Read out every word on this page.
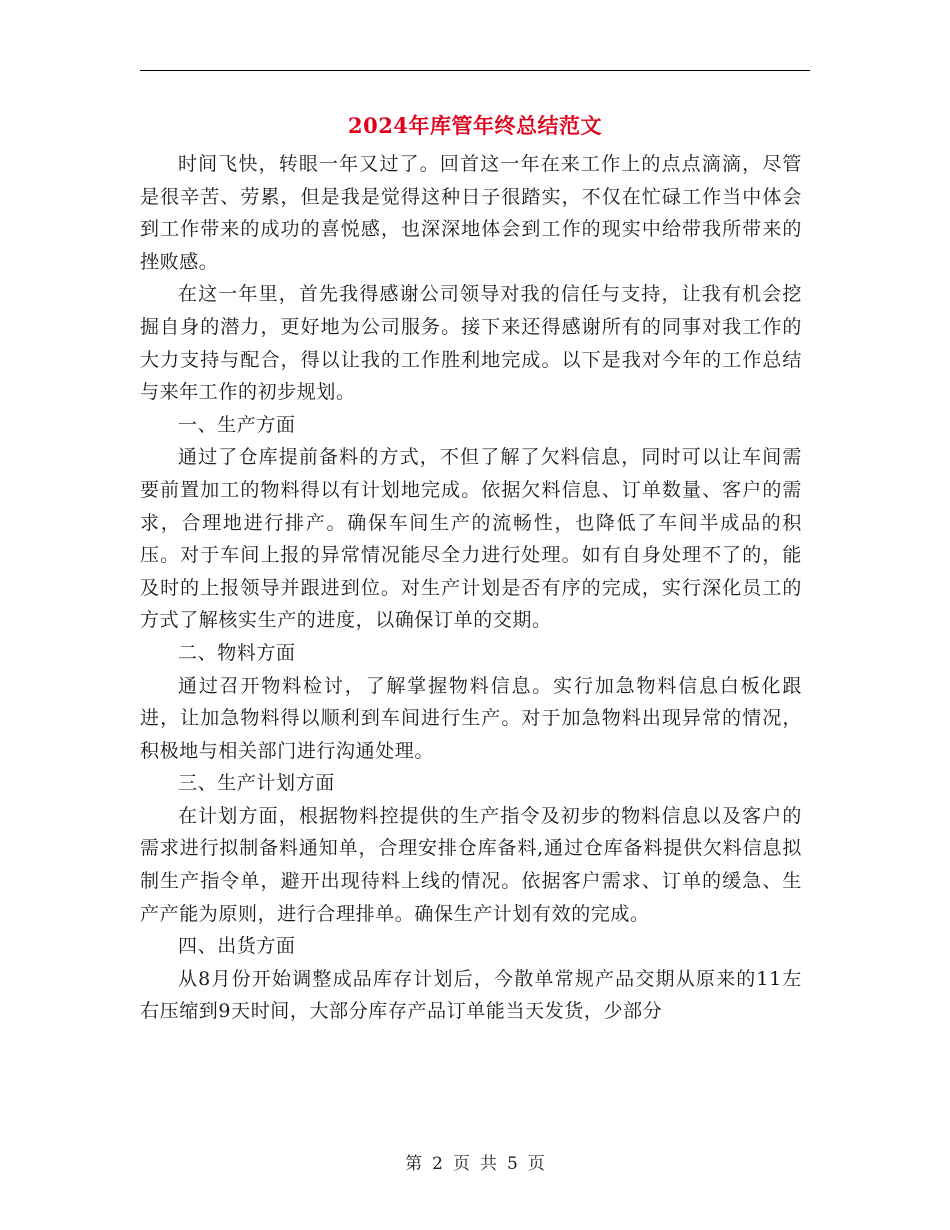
2024年库管年终总结范文

时间飞快，转眼一年又过了。回首这一年在来工作上的点点滴滴，尽管是很辛苦、劳累，但是我是觉得这种日子很踏实，不仅在忙碌工作当中体会到工作带来的成功的喜悦感，也深深地体会到工作的现实中给带我所带来的挫败感。

在这一年里，首先我得感谢公司领导对我的信任与支持，让我有机会挖掘自身的潜力，更好地为公司服务。接下来还得感谢所有的同事对我工作的大力支持与配合，得以让我的工作胜利地完成。以下是我对今年的工作总结与来年工作的初步规划。

一、生产方面

通过了仓库提前备料的方式，不但了解了欠料信息，同时可以让车间需要前置加工的物料得以有计划地完成。依据欠料信息、订单数量、客户的需求，合理地进行排产。确保车间生产的流畅性，也降低了车间半成品的积压。对于车间上报的异常情况能尽全力进行处理。如有自身处理不了的，能及时的上报领导并跟进到位。对生产计划是否有序的完成，实行深化员工的方式了解核实生产的进度，以确保订单的交期。

二、物料方面

通过召开物料检讨，了解掌握物料信息。实行加急物料信息白板化跟进，让加急物料得以顺利到车间进行生产。对于加急物料出现异常的情况，积极地与相关部门进行沟通处理。

三、生产计划方面

在计划方面，根据物料控提供的生产指令及初步的物料信息以及客户的需求进行拟制备料通知单，合理安排仓库备料,通过仓库备料提供欠料信息拟制生产指令单，避开出现待料上线的情况。依据客户需求、订单的缓急、生产产能为原则，进行合理排单。确保生产计划有效的完成。

四、出货方面

从8月份开始调整成品库存计划后，今散单常规产品交期从原来的11左右压缩到9天时间，大部分库存产品订单能当天发货，少部分

第 2 页 共 5 页
